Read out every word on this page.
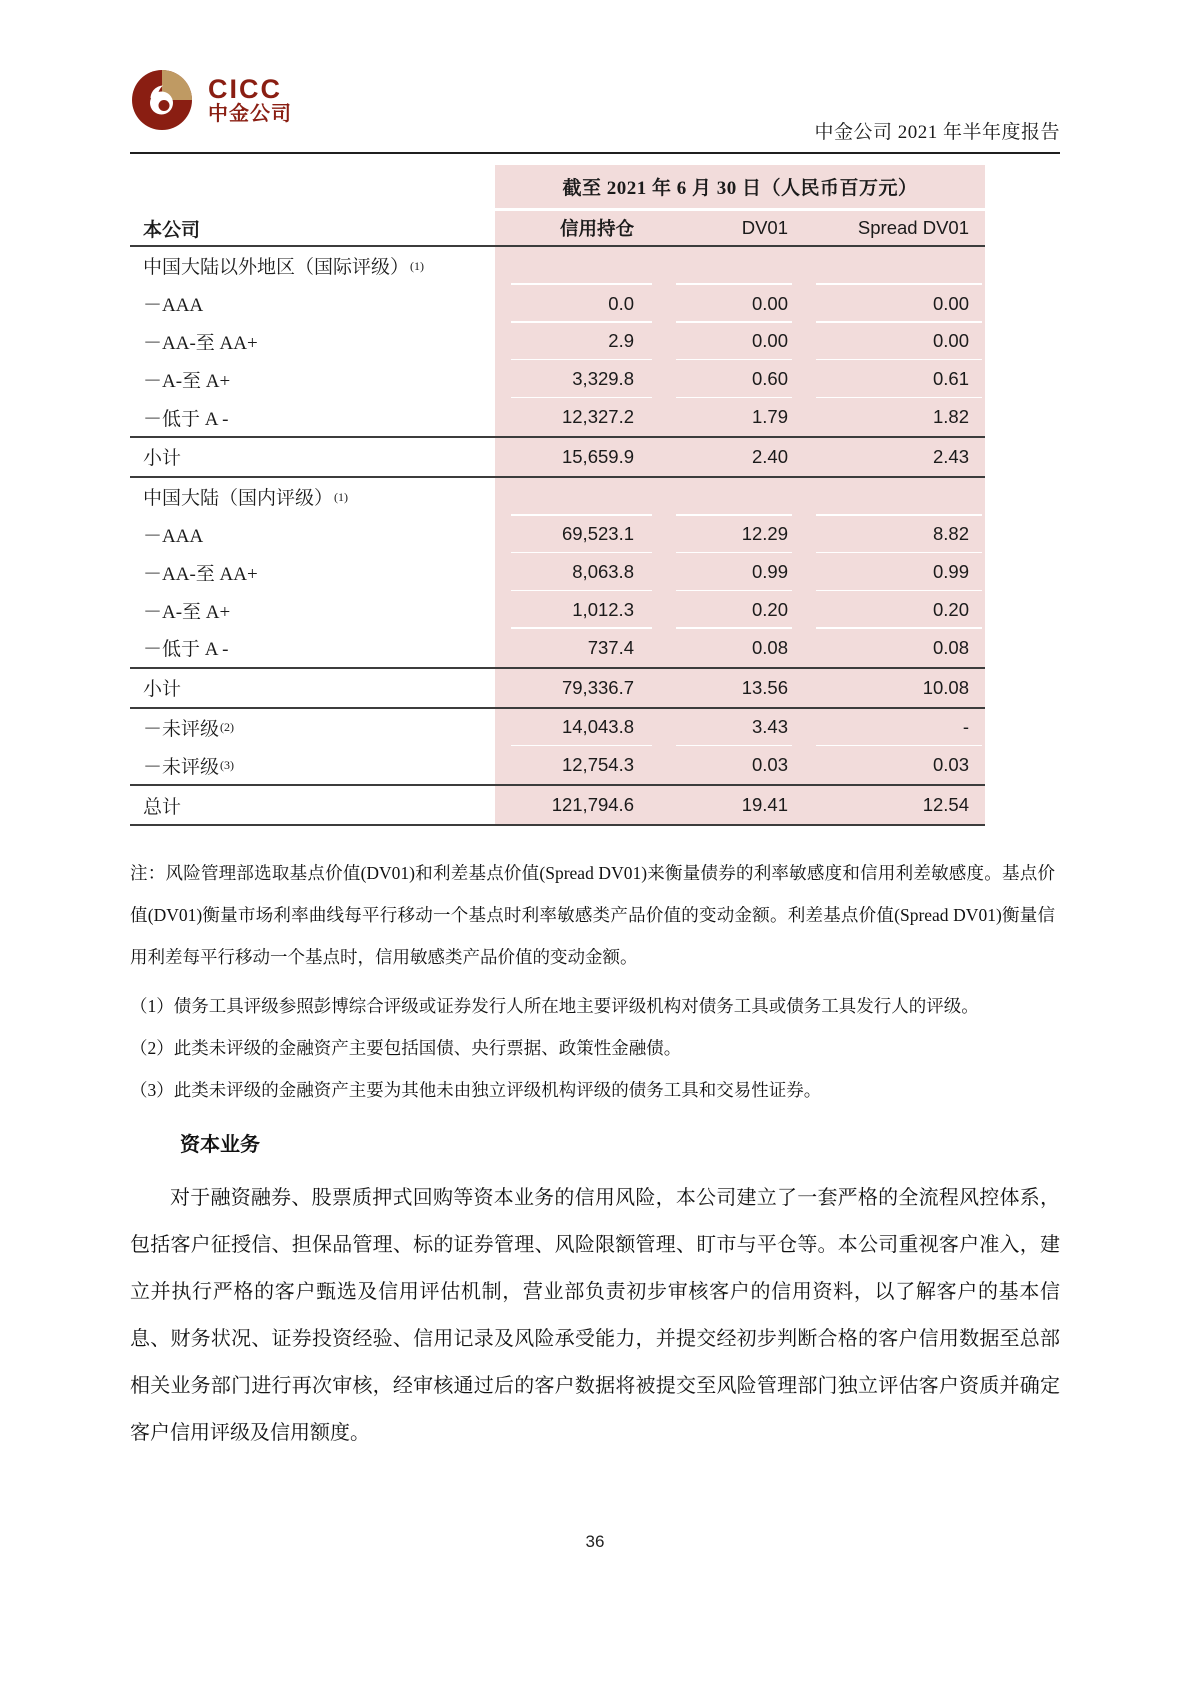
CICC
中金公司
中金公司 2021 年半年度报告
截至 2021 年 6 月 30 日（人民币百万元）
本公司	信用持仓	DV01	Spread DV01
中国大陆以外地区（国际评级） (1)
－AAA	0.0	0.00	0.00
－AA-至 AA+	2.9	0.00	0.00
－A-至 A+	3,329.8	0.60	0.61
－低于 A -	12,327.2	1.79	1.82
小计	15,659.9	2.40	2.43
中国大陆（国内评级） (1)
－AAA	69,523.1	12.29	8.82
－AA-至 AA+	8,063.8	0.99	0.99
－A-至 A+	1,012.3	0.20	0.20
－低于 A -	737.4	0.08	0.08
小计	79,336.7	13.56	10.08
－未评级 (2)	14,043.8	3.43	-
－未评级 (3)	12,754.3	0.03	0.03
总计	121,794.6	19.41	12.54

注：风险管理部选取基点价值(DV01)和利差基点价值(Spread DV01)来衡量债券的利率敏感度和信用利差敏感度。基点价值(DV01)衡量市场利率曲线每平行移动一个基点时利率敏感类产品价值的变动金额。利差基点价值(Spread DV01)衡量信用利差每平行移动一个基点时，信用敏感类产品价值的变动金额。

（1）债务工具评级参照彭博综合评级或证券发行人所在地主要评级机构对债务工具或债务工具发行人的评级。

（2）此类未评级的金融资产主要包括国债、央行票据、政策性金融债。

（3）此类未评级的金融资产主要为其他未由独立评级机构评级的债务工具和交易性证券。

资本业务

对于融资融券、股票质押式回购等资本业务的信用风险，本公司建立了一套严格的全流程风控体系，包括客户征授信、担保品管理、标的证券管理、风险限额管理、盯市与平仓等。本公司重视客户准入，建立并执行严格的客户甄选及信用评估机制，营业部负责初步审核客户的信用资料，以了解客户的基本信息、财务状况、证券投资经验、信用记录及风险承受能力，并提交经初步判断合格的客户信用数据至总部相关业务部门进行再次审核，经审核通过后的客户数据将被提交至风险管理部门独立评估客户资质并确定客户信用评级及信用额度。

36
